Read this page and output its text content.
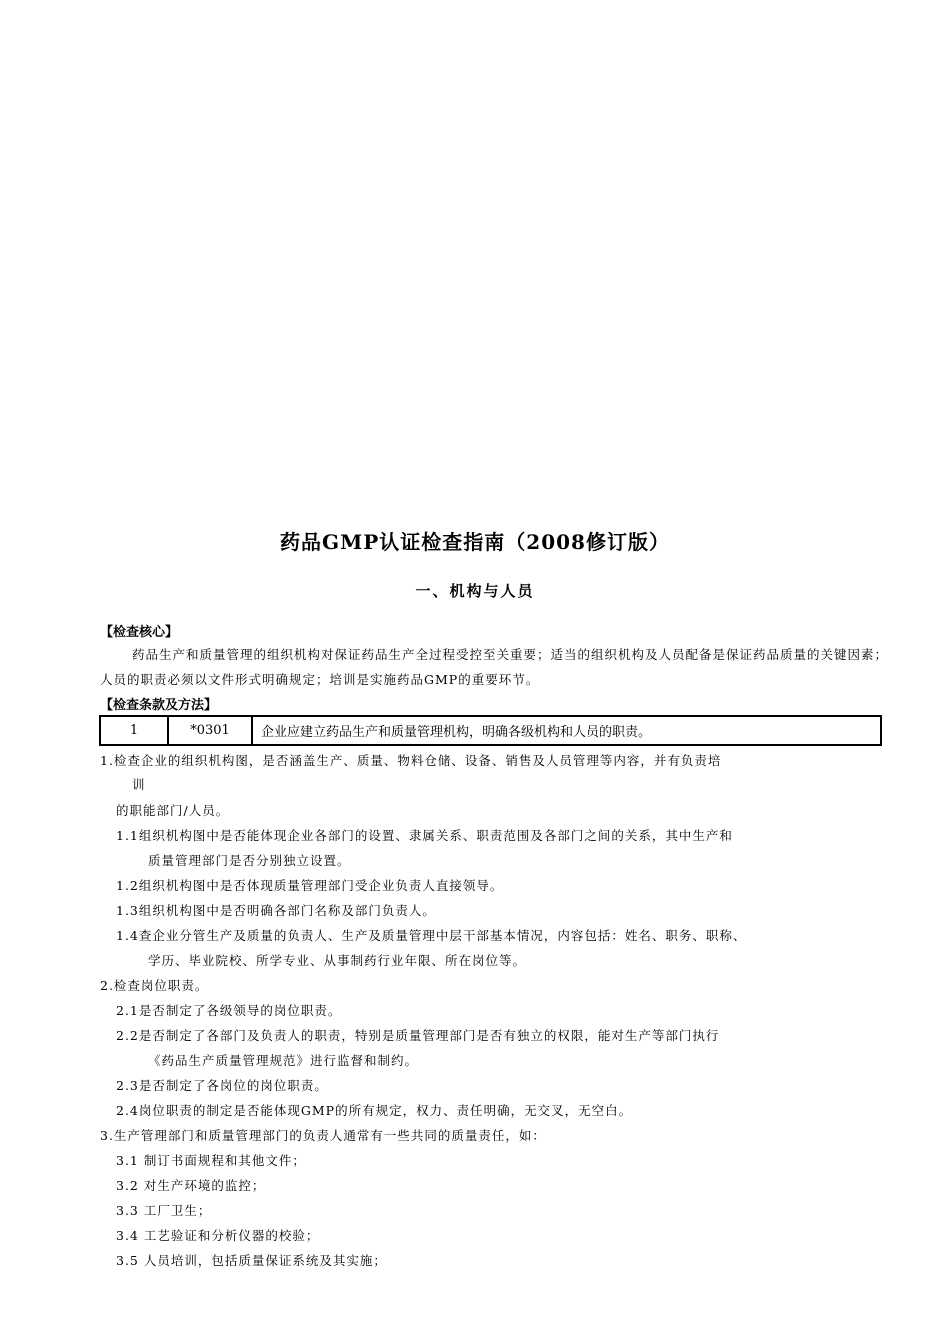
药品GMP认证检查指南（2008修订版）
一、机构与人员
【检查核心】
药品生产和质量管理的组织机构对保证药品生产全过程受控至关重要；适当的组织机构及人员配备是保证药品质量的关键因素；人员的职责必须以文件形式明确规定；培训是实施药品GMP的重要环节。
【检查条款及方法】
1	*0301	企业应建立药品生产和质量管理机构，明确各级机构和人员的职责。
1.检查企业的组织机构图，是否涵盖生产、质量、物料仓储、设备、销售及人员管理等内容，并有负责培
训
的职能部门/人员。
1.1组织机构图中是否能体现企业各部门的设置、隶属关系、职责范围及各部门之间的关系，其中生产和
质量管理部门是否分别独立设置。
1.2组织机构图中是否体现质量管理部门受企业负责人直接领导。
1.3组织机构图中是否明确各部门名称及部门负责人。
1.4查企业分管生产及质量的负责人、生产及质量管理中层干部基本情况，内容包括：姓名、职务、职称、
学历、毕业院校、所学专业、从事制药行业年限、所在岗位等。
2.检查岗位职责。
2.1是否制定了各级领导的岗位职责。
2.2是否制定了各部门及负责人的职责，特别是质量管理部门是否有独立的权限，能对生产等部门执行
《药品生产质量管理规范》进行监督和制约。
2.3是否制定了各岗位的岗位职责。
2.4岗位职责的制定是否能体现GMP的所有规定，权力、责任明确，无交叉，无空白。
3.生产管理部门和质量管理部门的负责人通常有一些共同的质量责任，如：
3.1 制订书面规程和其他文件；
3.2 对生产环境的监控；
3.3 工厂卫生；
3.4 工艺验证和分析仪器的校验；
3.5 人员培训，包括质量保证系统及其实施；
